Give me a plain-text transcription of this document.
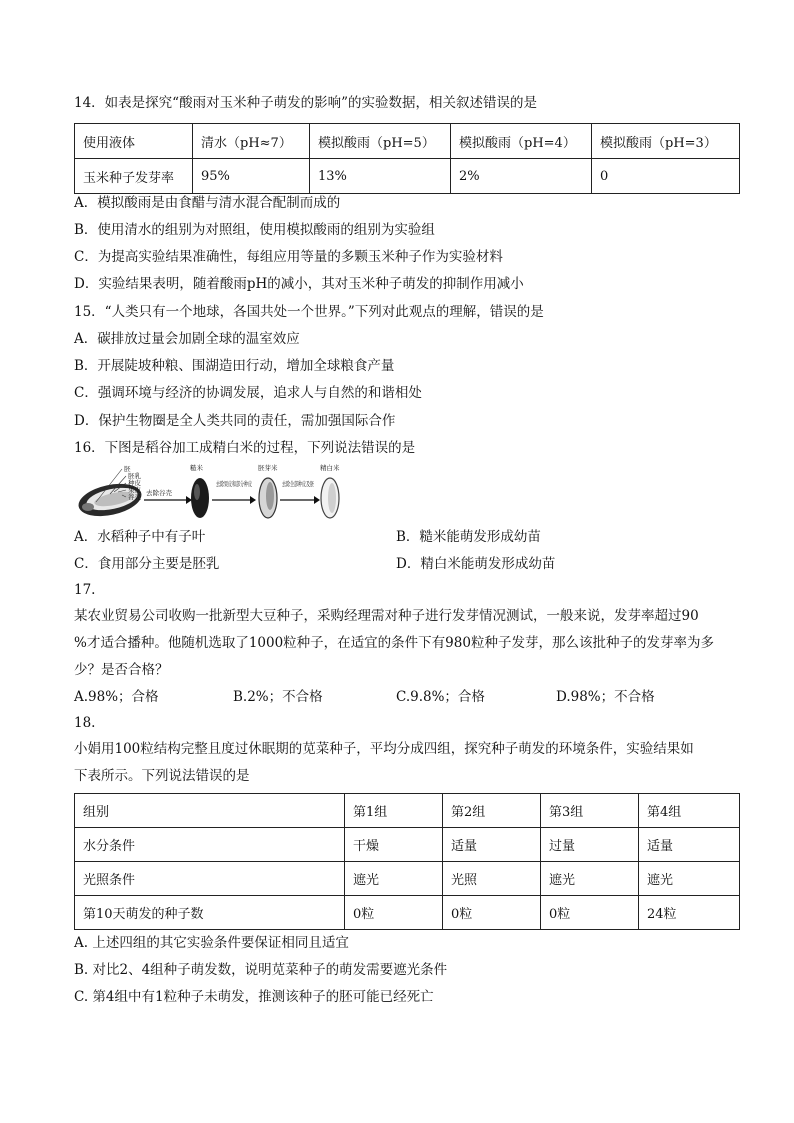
14．如表是探究“酸雨对玉米种子萌发的影响”的实验数据，相关叙述错误的是
使用液体	清水（pH≈7）	模拟酸雨（pH=5）	模拟酸雨（pH=4）	模拟酸雨（pH=3）
玉米种子发芽率	95%	13%	2%	0
A．模拟酸雨是由食醋与清水混合配制而成的
B．使用清水的组别为对照组，使用模拟酸雨的组别为实验组
C．为提高实验结果准确性，每组应用等量的多颗玉米种子作为实验材料
D．实验结果表明，随着酸雨pH的减小，其对玉米种子萌发的抑制作用减小
15．“人类只有一个地球，各国共处一个世界。”下列对此观点的理解，错误的是
A．碳排放过量会加剧全球的温室效应
B．开展陡坡种粮、围湖造田行动，增加全球粮食产量
C．强调环境与经济的协调发展，追求人与自然的和谐相处
D．保护生物圈是全人类共同的责任，需加强国际合作
16．下图是稻谷加工成精白米的过程，下列说法错误的是
胚
胚乳
种皮
果皮
谷壳 去除谷壳
糙米
去除果皮和部分种皮
胚芽米
去除全部种皮及胚
精白米
A．水稻种子中有子叶	B．糙米能萌发形成幼苗
C．食用部分主要是胚乳	D．精白米能萌发形成幼苗
17.
某农业贸易公司收购一批新型大豆种子，采购经理需对种子进行发芽情况测试，一般来说，发芽率超过90
%才适合播种。他随机选取了1000粒种子，在适宜的条件下有980粒种子发芽，那么该批种子的发芽率为多
少？是否合格？
A.98%；合格	B.2%；不合格	C.9.8%；合格	D.98%；不合格
18.
小娟用100粒结构完整且度过休眠期的苋菜种子，平均分成四组，探究种子萌发的环境条件，实验结果如
下表所示。下列说法错误的是
组别	第1组	第2组	第3组	第4组
水分条件	干燥	适量	过量	适量
光照条件	遮光	光照	遮光	遮光
第10天萌发的种子数	0粒	0粒	0粒	24粒
A. 上述四组的其它实验条件要保证相同且适宜
B. 对比2、4组种子萌发数，说明苋菜种子的萌发需要遮光条件
C. 第4组中有1粒种子未萌发，推测该种子的胚可能已经死亡
